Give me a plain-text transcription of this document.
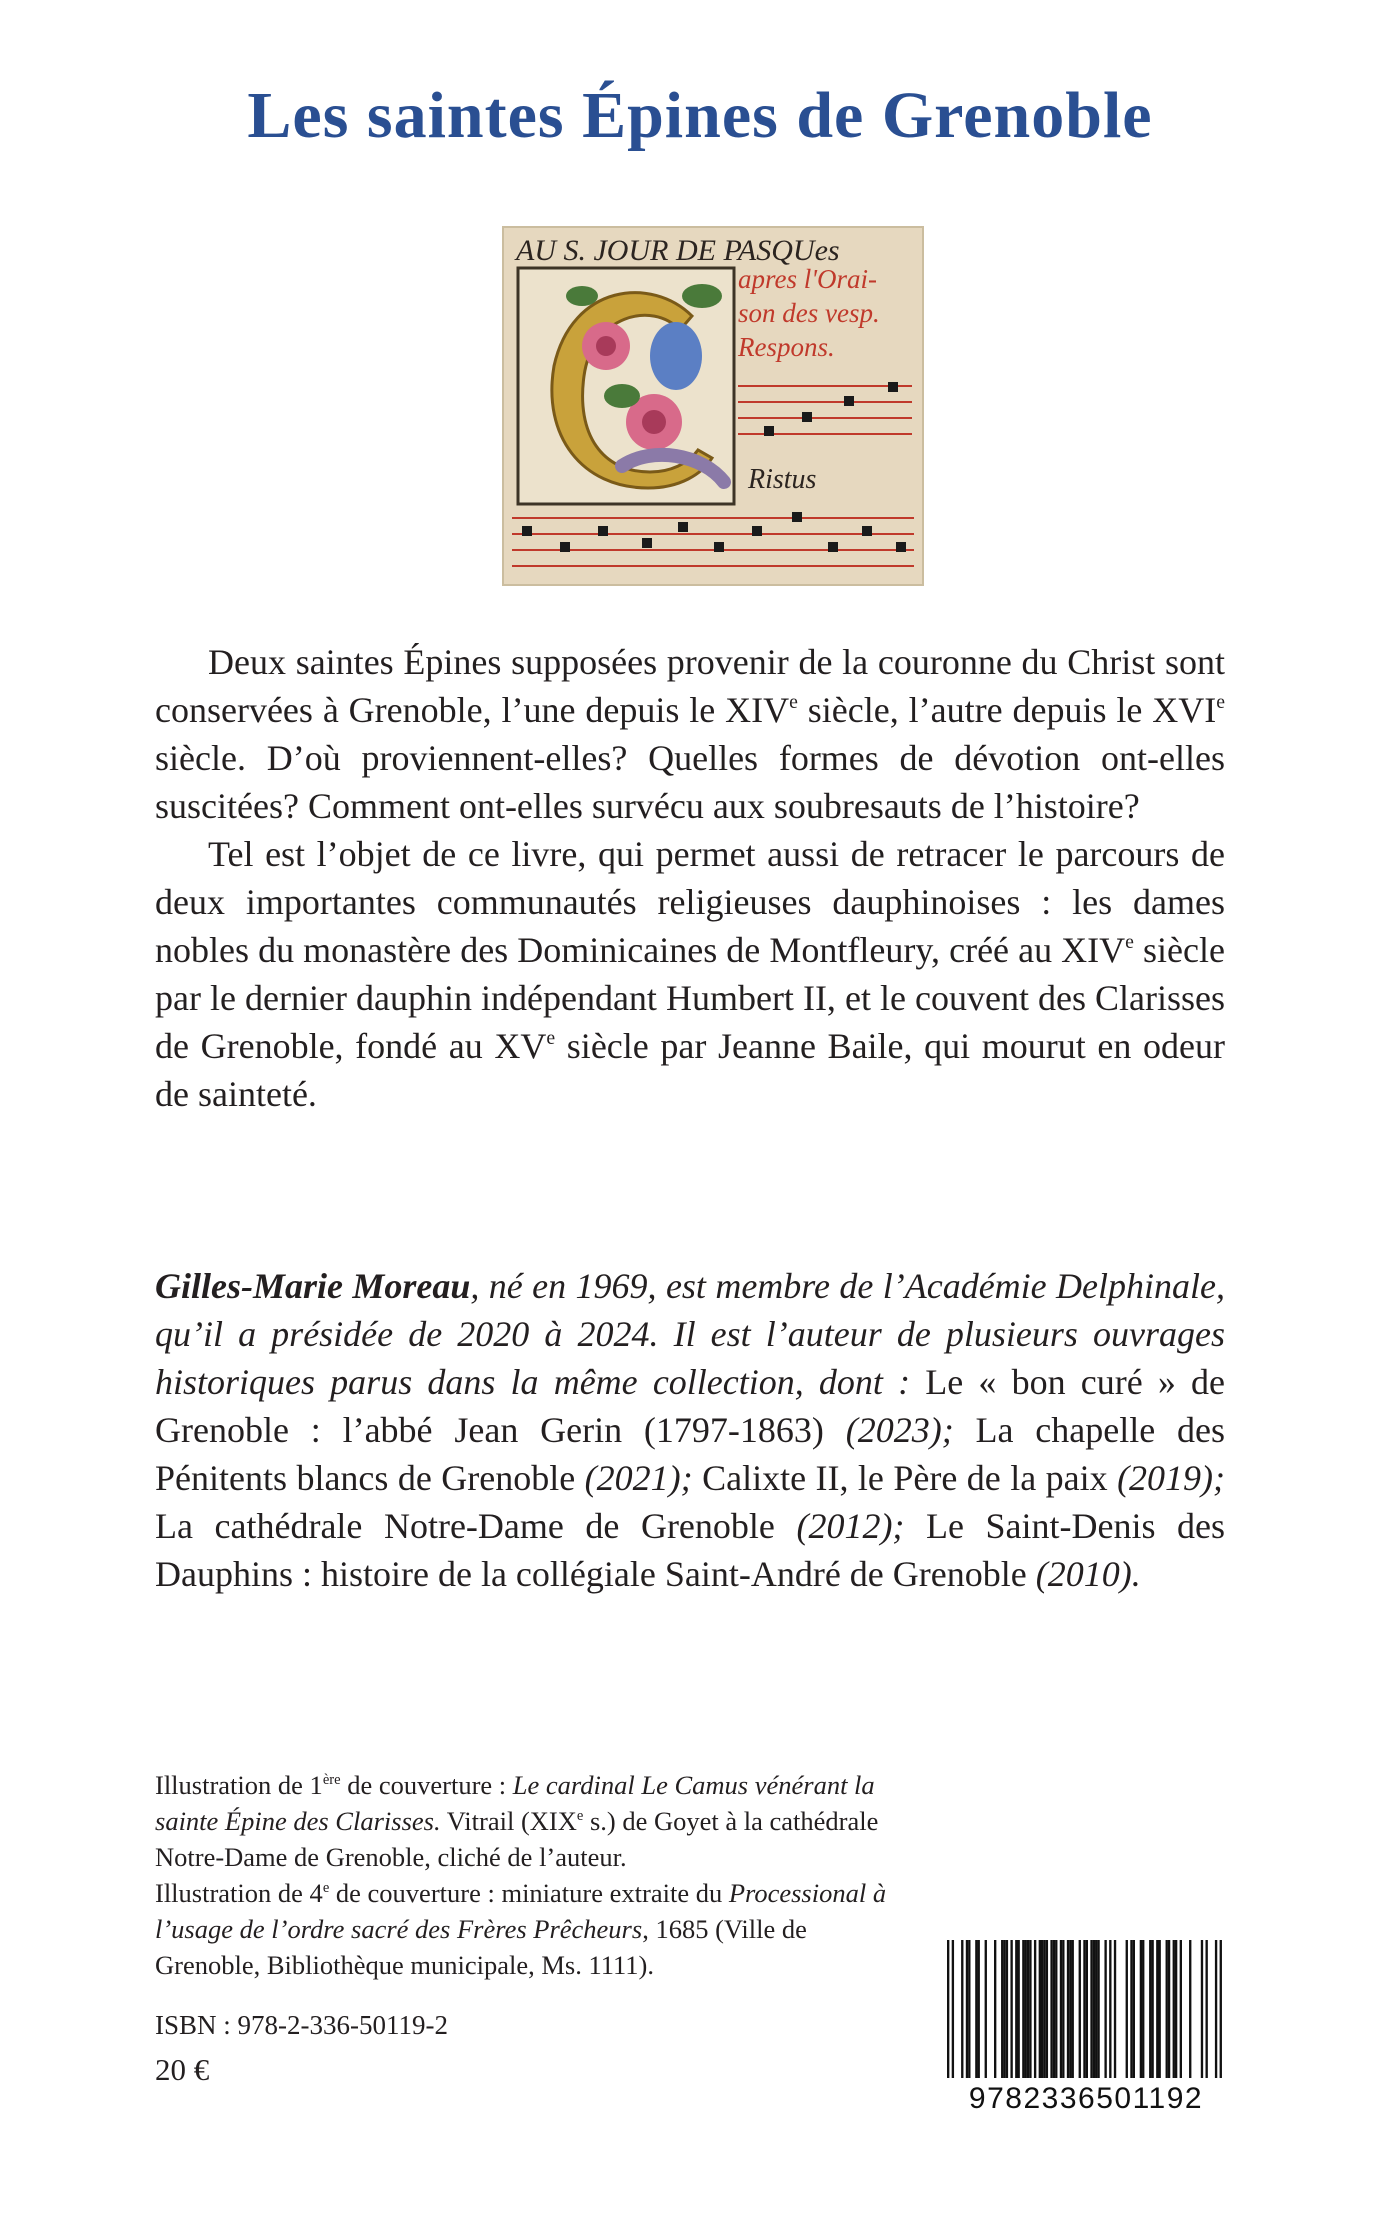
Les saintes Épines de Grenoble
AU S. JOUR DE PASQUes
apres l'Orai-
son des vesp.
Respons.
Ristus

Deux saintes Épines supposées provenir de la couronne du Christ sont conservées à Grenoble, l’une depuis le XIVe siècle, l’autre depuis le XVIe siècle. D’où proviennent-elles? Quelles formes de dévotion ont-elles suscitées? Comment ont-elles survécu aux soubresauts de l’histoire?

Tel est l’objet de ce livre, qui permet aussi de retracer le parcours de deux importantes communautés religieuses dauphinoises : les dames nobles du monastère des Dominicaines de Montfleury, créé au XIVe siècle par le dernier dauphin indépendant Humbert II, et le couvent des Clarisses de Grenoble, fondé au XVe siècle par Jeanne Baile, qui mourut en odeur de sainteté.

Gilles-Marie Moreau, né en 1969, est membre de l’Académie Delphinale, qu’il a présidée de 2020 à 2024. Il est l’auteur de plusieurs ouvrages historiques parus dans la même collection, dont : Le « bon curé » de Grenoble : l’abbé Jean Gerin (1797-1863) (2023); La chapelle des Pénitents blancs de Grenoble (2021); Calixte II, le Père de la paix (2019); La cathédrale Notre-Dame de Grenoble (2012); Le Saint-Denis des Dauphins : histoire de la collégiale Saint-André de Grenoble (2010).

Illustration de 1ère de couverture : Le cardinal Le Camus vénérant la sainte Épine des Clarisses. Vitrail (XIXe s.) de Goyet à la cathédrale Notre-Dame de Grenoble, cliché de l’auteur.

Illustration de 4e de couverture : miniature extraite du Processional à l’usage de l’ordre sacré des Frères Prêcheurs, 1685 (Ville de Grenoble, Bibliothèque municipale, Ms. 1111).

ISBN : 978-2-336-50119-2
20 €
9782336501192
